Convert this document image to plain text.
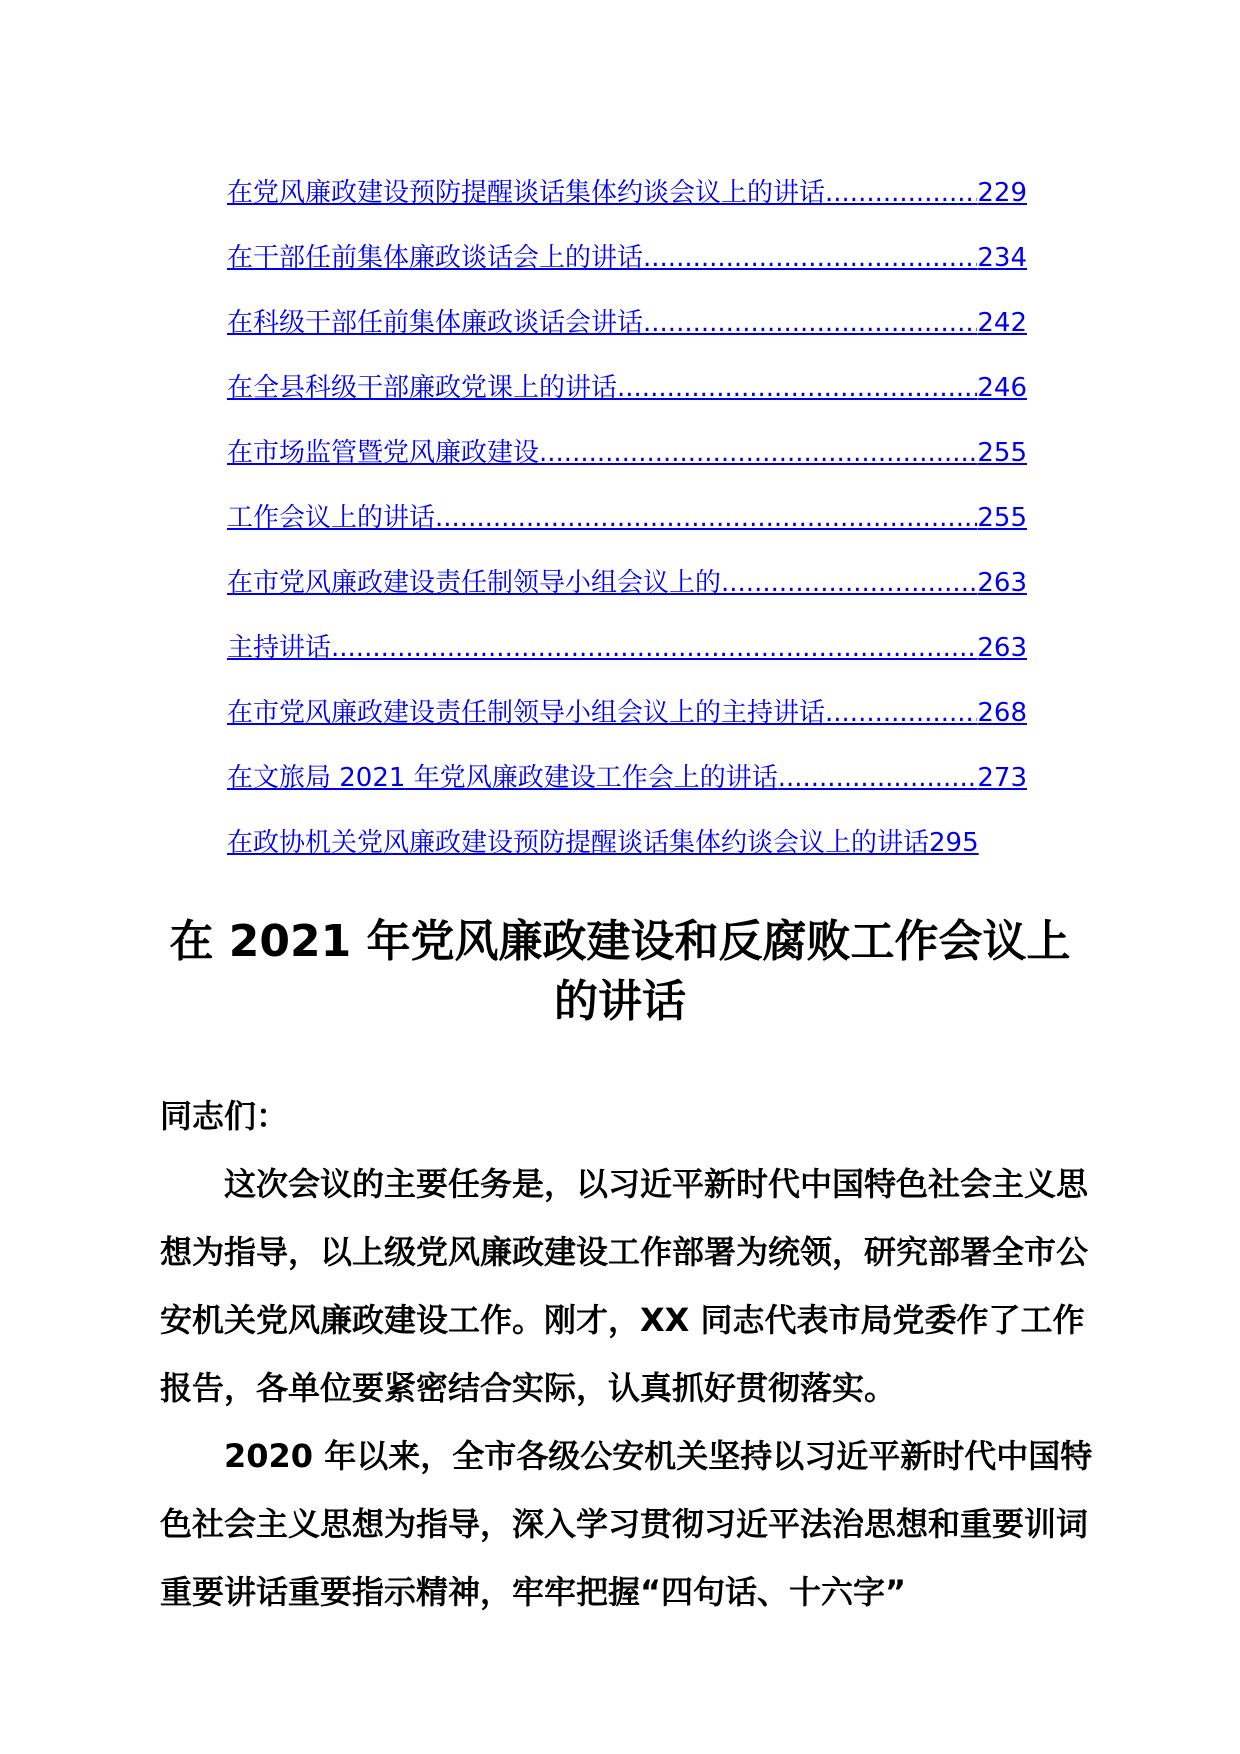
在党风廉政建设预防提醒谈话集体约谈会议上的讲话 .....	229
在干部任前集体廉政谈话会上的讲话 .....	234
在科级干部任前集体廉政谈话会讲话 .....	242
在全县科级干部廉政党课上的讲话 .....	246
在市场监管暨党风廉政建设 .....	255
工作会议上的讲话 .....	255
在市党风廉政建设责任制领导小组会议上的 .....	263
主持讲话 .....	263
在市党风廉政建设责任制领导小组会议上的主持讲话 .....	268
在文旅局 2021 年党风廉政建设工作会上的讲话 .....	273
在政协机关党风廉政建设预防提醒谈话集体约谈会议上的讲话 295
在 2021 年党风廉政建设和反腐败工作会议上
的讲话

同志们：

这次会议的主要任务是，以习近平新时代中国特色社会主义思想为指导，以上级党风廉政建设工作部署为统领，研究部署全市公安机关党风廉政建设工作。刚才，XX 同志代表市局党委作了工作报告，各单位要紧密结合实际，认真抓好贯彻落实。

2020 年以来，全市各级公安机关坚持以习近平新时代中国特色社会主义思想为指导，深入学习贯彻习近平法治思想和重要训词重要讲话重要指示精神，牢牢把握“四句话、十六字”
